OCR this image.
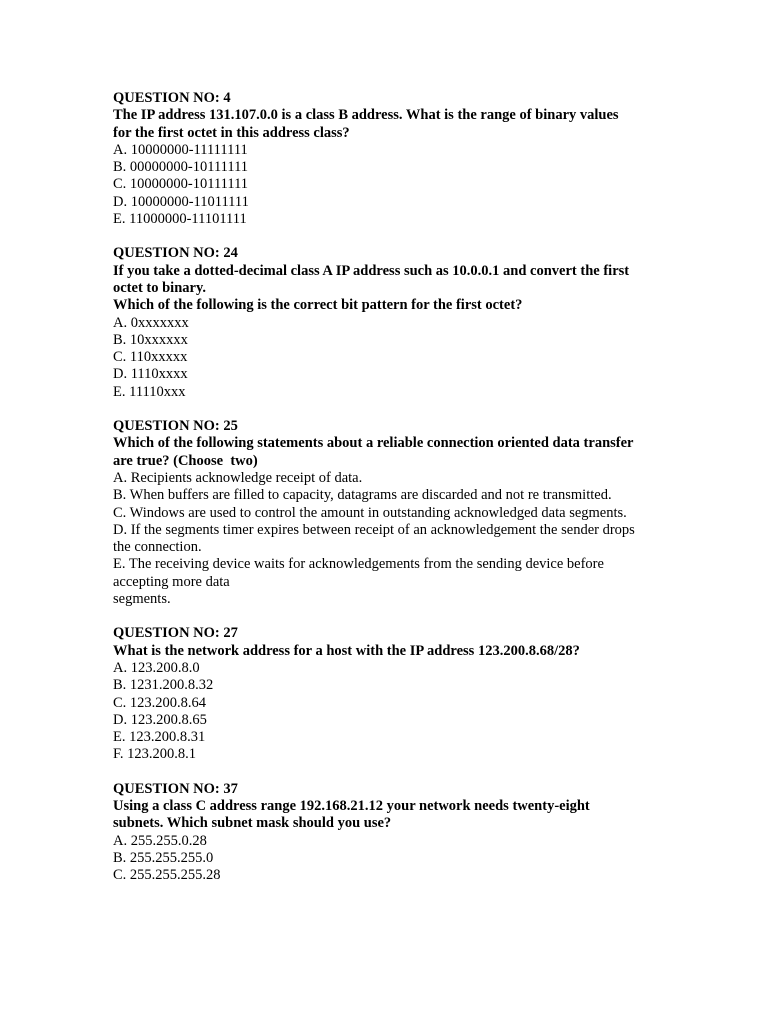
QUESTION NO: 4
The IP address 131.107.0.0 is a class B address. What is the range of binary values
for the first octet in this address class?
A. 10000000-11111111
B. 00000000-10111111
C. 10000000-10111111
D. 10000000-11011111
E. 11000000-11101111
QUESTION NO: 24
If you take a dotted-decimal class A IP address such as 10.0.0.1 and convert the first
octet to binary.
Which of the following is the correct bit pattern for the first octet?
A. 0xxxxxxx
B. 10xxxxxx
C. 110xxxxx
D. 1110xxxx
E. 11110xxx
QUESTION NO: 25
Which of the following statements about a reliable connection oriented data transfer
are true? (Choose  two)
A. Recipients acknowledge receipt of data.
B. When buffers are filled to capacity, datagrams are discarded and not re transmitted.
C. Windows are used to control the amount in outstanding acknowledged data segments.
D. If the segments timer expires between receipt of an acknowledgement the sender drops
the connection.
E. The receiving device waits for acknowledgements from the sending device before
accepting more data
segments.
QUESTION NO: 27
What is the network address for a host with the IP address 123.200.8.68/28?
A. 123.200.8.0
B. 1231.200.8.32
C. 123.200.8.64
D. 123.200.8.65
E. 123.200.8.31
F. 123.200.8.1
QUESTION NO: 37
Using a class C address range 192.168.21.12 your network needs twenty-eight
subnets. Which subnet mask should you use?
A. 255.255.0.28
B. 255.255.255.0
C. 255.255.255.28
